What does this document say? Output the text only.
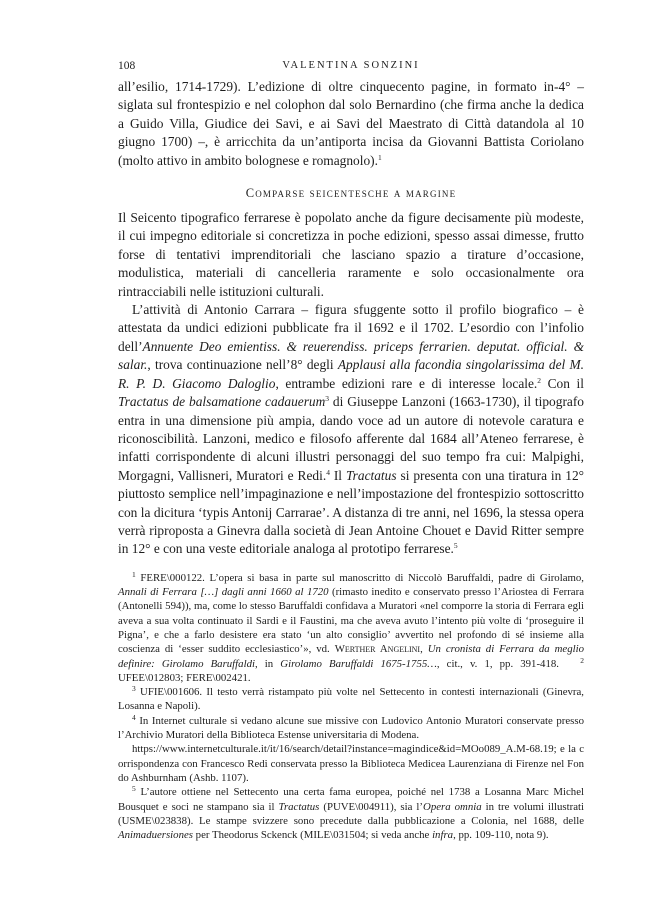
108	VALENTINA SONZINI

all’esilio, 1714-1729). L’edizione di oltre cinquecento pagine, in formato in-4° – siglata sul frontespizio e nel colophon dal solo Bernardino (che firma anche la dedica a Guido Villa, Giudice dei Savi, e ai Savi del Maestrato di Città datandola al 10 giugno 1700) –, è arricchita da un’antiporta incisa da Giovanni Battista Coriolano (molto attivo in ambito bolognese e romagnolo).$^1$

Comparse seicentesche a margine

Il Seicento tipografico ferrarese è popolato anche da figure decisamente più modeste, il cui impegno editoriale si concretizza in poche edizioni, spesso assai dimesse, frutto forse di tentativi imprenditoriali che lasciano spazio a tirature d’occasione, modulistica, materiali di cancelleria raramente e solo occasionalmente ora rintracciabili nelle istituzioni culturali.

L’attività di Antonio Carrara – figura sfuggente sotto il profilo biografico – è attestata da undici edizioni pubblicate fra il 1692 e il 1702. L’esordio con l’infolio dell’Annuente Deo emientiss. & reuerendiss. priceps ferrarien. deputat. official. & salar., trova continuazione nell’8° degli Applausi alla facondia singolarissima del M. R. P. D. Giacomo Daloglio, entrambe edizioni rare e di interesse locale.$^2$ Con il Tractatus de balsamatione cadauerum$^3$ di Giuseppe Lanzoni (1663-1730), il tipografo entra in una dimensione più ampia, dando voce ad un autore di notevole caratura e riconoscibilità. Lanzoni, medico e filosofo afferente dal 1684 all’Ateneo ferrarese, è infatti corrispondente di alcuni illustri personaggi del suo tempo fra cui: Malpighi, Morgagni, Vallisneri, Muratori e Redi.$^4$ Il Tractatus si presenta con una tiratura in 12° piuttosto semplice nell’impaginazione e nell’impostazione del frontespizio sottoscritto con la dicitura ‘typis Antonij Carrarae’. A distanza di tre anni, nel 1696, la stessa opera verrà riproposta a Ginevra dalla società di Jean Antoine Chouet e David Ritter sempre in 12° e con una veste editoriale analoga al prototipo ferrarese.$^5$

$^1$ FERE\000122. L’opera si basa in parte sul manoscritto di Niccolò Baruffaldi, padre di Girolamo, Annali di Ferrara […] dagli anni 1660 al 1720 (rimasto inedito e conservato presso l’Ariostea di Ferrara (Antonelli 594)), ma, come lo stesso Baruffaldi confidava a Muratori «nel comporre la storia di Ferrara egli aveva a sua volta continuato il Sardi e il Faustini, ma che aveva avuto l’intento più volte di ‘proseguire il Pigna’, e che a farlo desistere era stato ‘un alto consiglio’ avvertito nel profondo di sé insieme alla coscienza di ‘esser suddito ecclesiastico’», vd. Werther Angelini, Un cronista di Ferrara da meglio definire: Girolamo Baruffaldi, in Girolamo Baruffaldi 1675-1755…, cit., v. 1, pp. 391-418.	$^2$ UFEE\012803; FERE\002421.

$^3$ UFIE\001606. Il testo verrà ristampato più volte nel Settecento in contesti internazionali (Ginevra, Losanna e Napoli).

$^4$ In Internet culturale si vedano alcune sue missive con Ludovico Antonio Muratori conservate presso l’Archivio Muratori della Biblioteca Estense universitaria di Modena.

https://www.internetculturale.it/it/16/search/detail?instance=magindice&id=MOo089_A.M-68.19; e la corrispondenza con Francesco Redi conservata presso la Biblioteca Medicea Laurenziana di Firenze nel Fondo Ashburnham (Ashb. 1107).

$^5$ L’autore ottiene nel Settecento una certa fama europea, poiché nel 1738 a Losanna Marc Michel Bousquet e soci ne stampano sia il Tractatus (PUVE\004911), sia l’Opera omnia in tre volumi illustrati (USME\023838). Le stampe svizzere sono precedute dalla pubblicazione a Colonia, nel 1688, delle Animaduersiones per Theodorus Sckenck (MILE\031504; si veda anche infra, pp. 109-110, nota 9).
